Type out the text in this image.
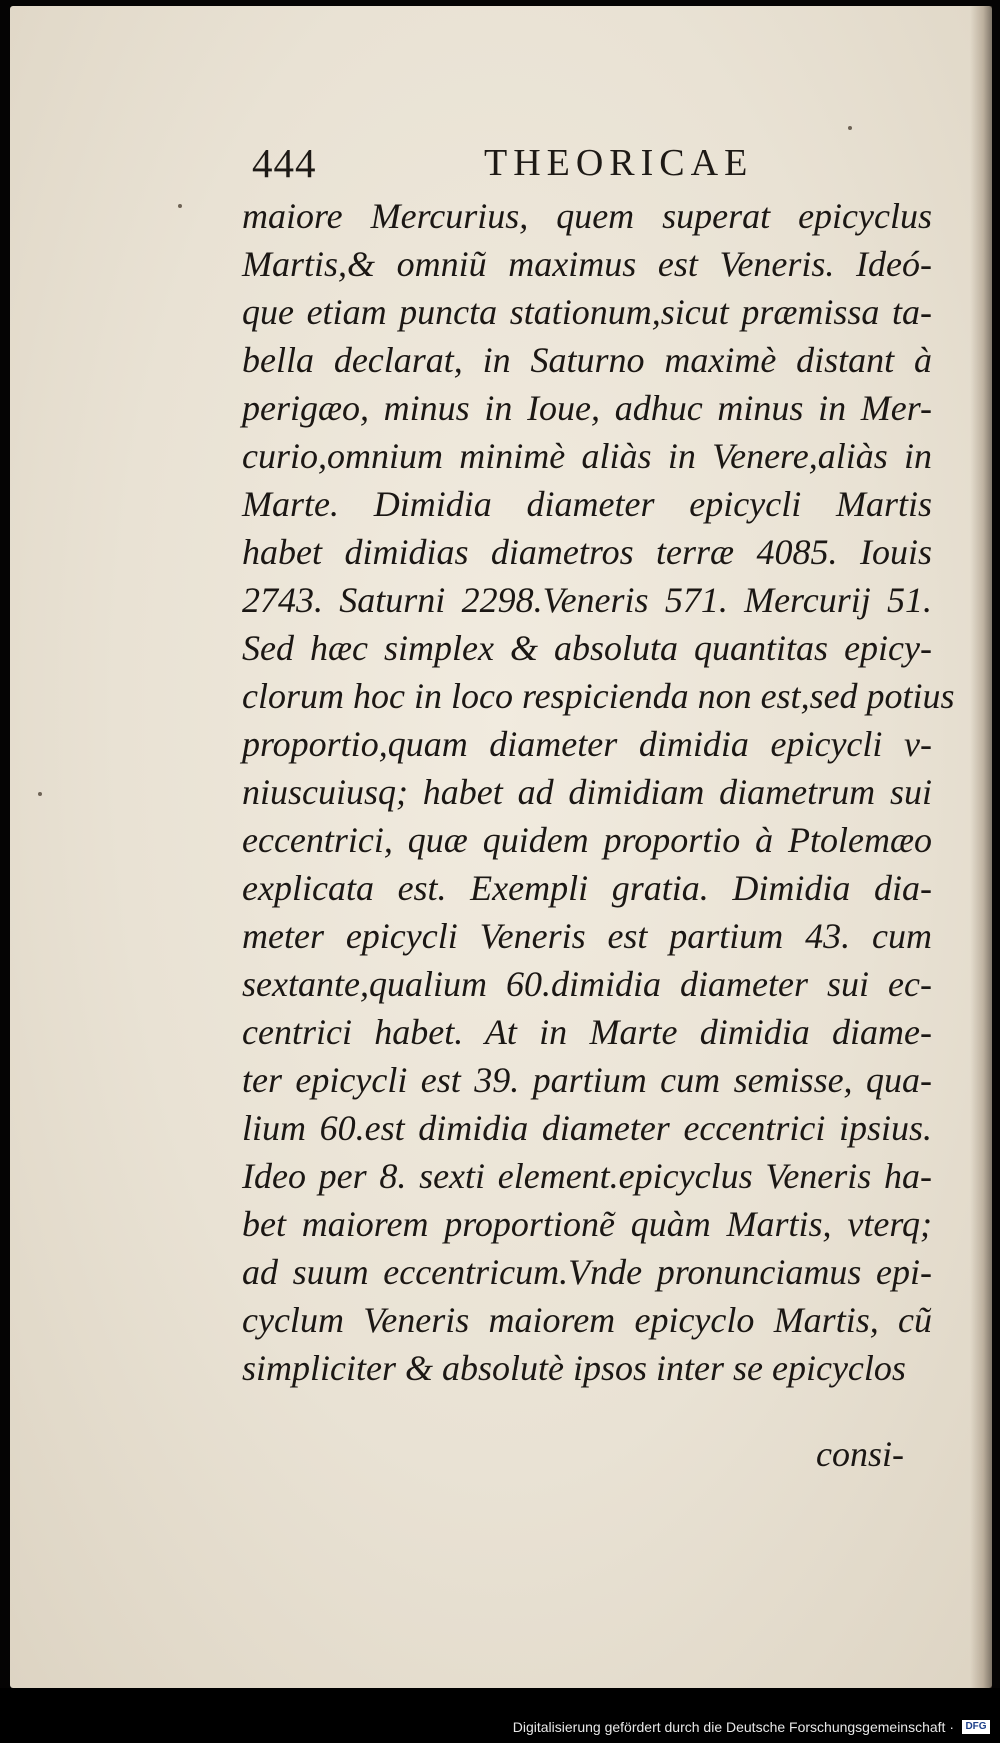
444	THEORICAE
maiore Mercurius, quem superat epicyclus
Martis,& omniũ maximus est Veneris. Ideó-
que etiam puncta stationum,sicut præmissa ta-
bella declarat, in Saturno maximè distant à
perigæo, minus in Ioue, adhuc minus in Mer-
curio,omnium minimè aliàs in Venere,aliàs in
Marte. Dimidia diameter epicycli Martis
habet dimidias diametros terræ 4085. Iouis
2743. Saturni 2298.Veneris 571. Mercurij 51.
Sed hæc simplex & absoluta quantitas epicy-
clorum hoc in loco respicienda non est,sed potius
proportio,quam diameter dimidia epicycli v-
niuscuiusq; habet ad dimidiam diametrum sui
eccentrici, quæ quidem proportio à Ptolemæo
explicata est. Exempli gratia. Dimidia dia-
meter epicycli Veneris est partium 43. cum
sextante,qualium 60.dimidia diameter sui ec-
centrici habet. At in Marte dimidia diame-
ter epicycli est 39. partium cum semisse, qua-
lium 60.est dimidia diameter eccentrici ipsius.
Ideo per 8. sexti element.epicyclus Veneris ha-
bet maiorem proportionẽ quàm Martis, vterq;
ad suum eccentricum.Vnde pronunciamus epi-
cyclum Veneris maiorem epicyclo Martis, cũ
simpliciter & absolutè ipsos inter se epicyclos
consi-
Digitalisierung gefördert durch die Deutsche Forschungsgemeinschaft ·	DFG
